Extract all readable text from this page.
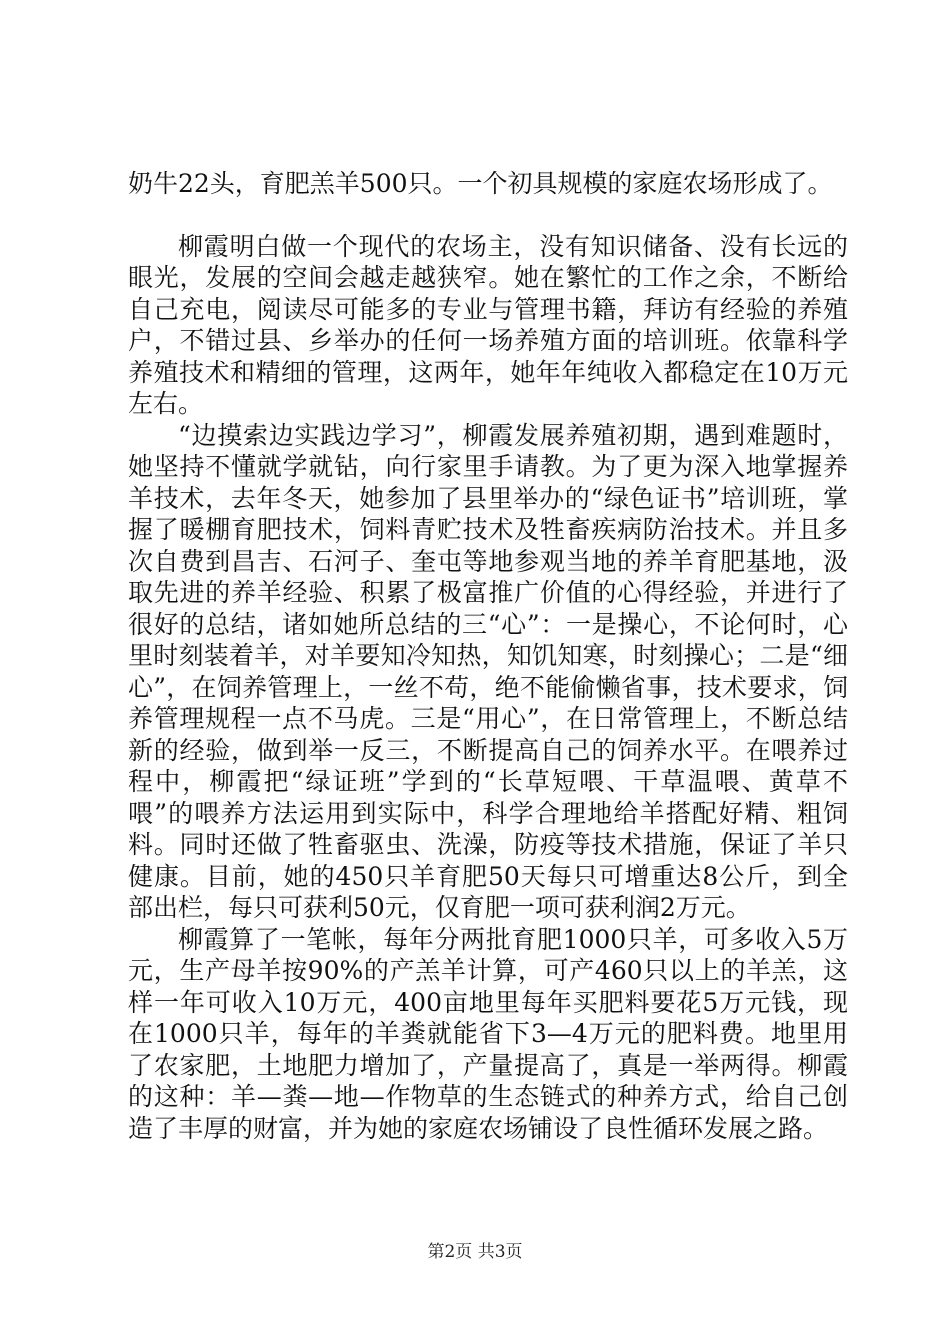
奶牛22头，育肥羔羊500只。一个初具规模的家庭农场形成了。

柳霞明白做一个现代的农场主，没有知识储备、没有长远的眼光，发展的空间会越走越狭窄。她在繁忙的工作之余，不断给自己充电，阅读尽可能多的专业与管理书籍，拜访有经验的养殖户，不错过县、乡举办的任何一场养殖方面的培训班。依靠科学养殖技术和精细的管理，这两年，她年年纯收入都稳定在10万元左右。

“边摸索边实践边学习”，柳霞发展养殖初期，遇到难题时，她坚持不懂就学就钻，向行家里手请教。为了更为深入地掌握养羊技术，去年冬天，她参加了县里举办的“绿色证书”培训班，掌握了暖棚育肥技术，饲料青贮技术及牲畜疾病防治技术。并且多次自费到昌吉、石河子、奎屯等地参观当地的养羊育肥基地，汲取先进的养羊经验、积累了极富推广价值的心得经验，并进行了很好的总结，诸如她所总结的三“心”：一是操心，不论何时，心里时刻装着羊，对羊要知冷知热，知饥知寒，时刻操心；二是“细心”，在饲养管理上，一丝不苟，绝不能偷懒省事，技术要求，饲养管理规程一点不马虎。三是“用心”，在日常管理上，不断总结新的经验，做到举一反三，不断提高自己的饲养水平。在喂养过程中，柳霞把“绿证班”学到的“长草短喂、干草温喂、黄草不喂”的喂养方法运用到实际中，科学合理地给羊搭配好精、粗饲料。同时还做了牲畜驱虫、洗澡，防疫等技术措施，保证了羊只健康。目前，她的450只羊育肥50天每只可增重达8公斤，到全部出栏，每只可获利50元，仅育肥一项可获利润2万元。

柳霞算了一笔帐，每年分两批育肥1000只羊，可多收入5万元，生产母羊按90%的产羔羊计算，可产460只以上的羊羔，这样一年可收入10万元，400亩地里每年买肥料要花5万元钱，现在1000只羊，每年的羊粪就能省下3—4万元的肥料费。地里用了农家肥，土地肥力增加了，产量提高了，真是一举两得。柳霞的这种：羊—粪—地—作物草的生态链式的种养方式，给自己创造了丰厚的财富，并为她的家庭农场铺设了良性循环发展之路。

第2页 共3页
